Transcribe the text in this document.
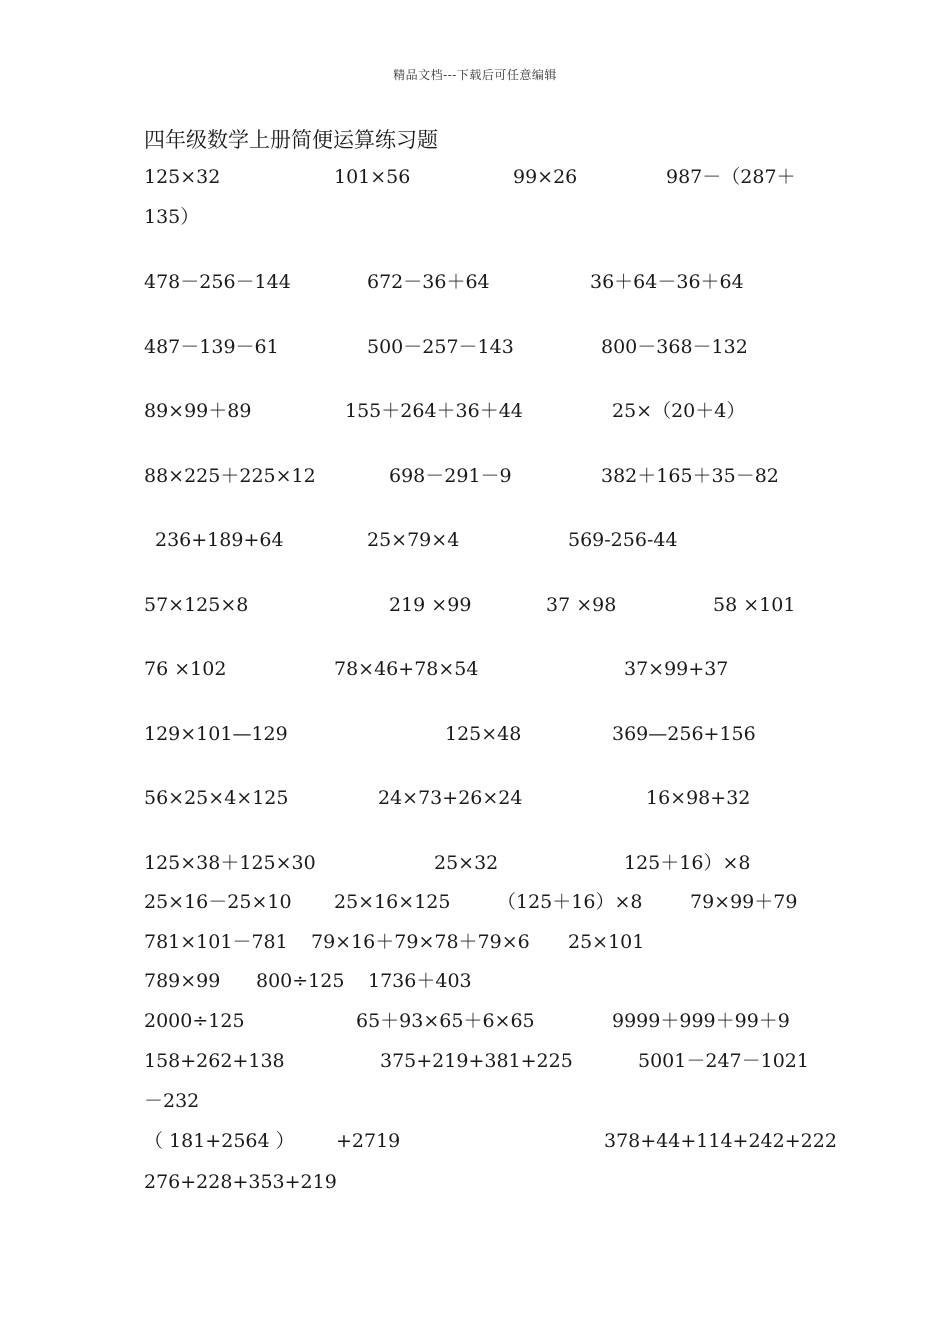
精品文档---下载后可任意编辑
四年级数学上册简便运算练习题
125×32	101×56	99×26	987－（287＋
135）
478－256－144	672－36＋64	36＋64－36＋64
487－139－61	500－257－143	800－368－132
89×99＋89	155＋264＋36＋44	25×（20＋4）
88×225＋225×12	698－291－9	382＋165＋35－82
236+189+64	25×79×4	569-256-44
57×125×8	219 ×99	37 ×98	58 ×101
76 ×102	78×46+78×54	37×99+37
129×101—129	125×48	369—256+156
56×25×4×125	24×73+26×24	16×98+32
125×38＋125×30	25×32	125＋16）×8
25×16－25×10 25×16×125 （125＋16）×8	79×99＋79
781×101－781 79×16＋79×78＋79×6 25×101
789×99 800÷125 1736＋403
2000÷125	65＋93×65＋6×65	9999＋999＋99＋9
158+262+138	375+219+381+225	5001－247－1021
－232
（ 181+2564 ） +2719	378+44+114+242+222
276+228+353+219
